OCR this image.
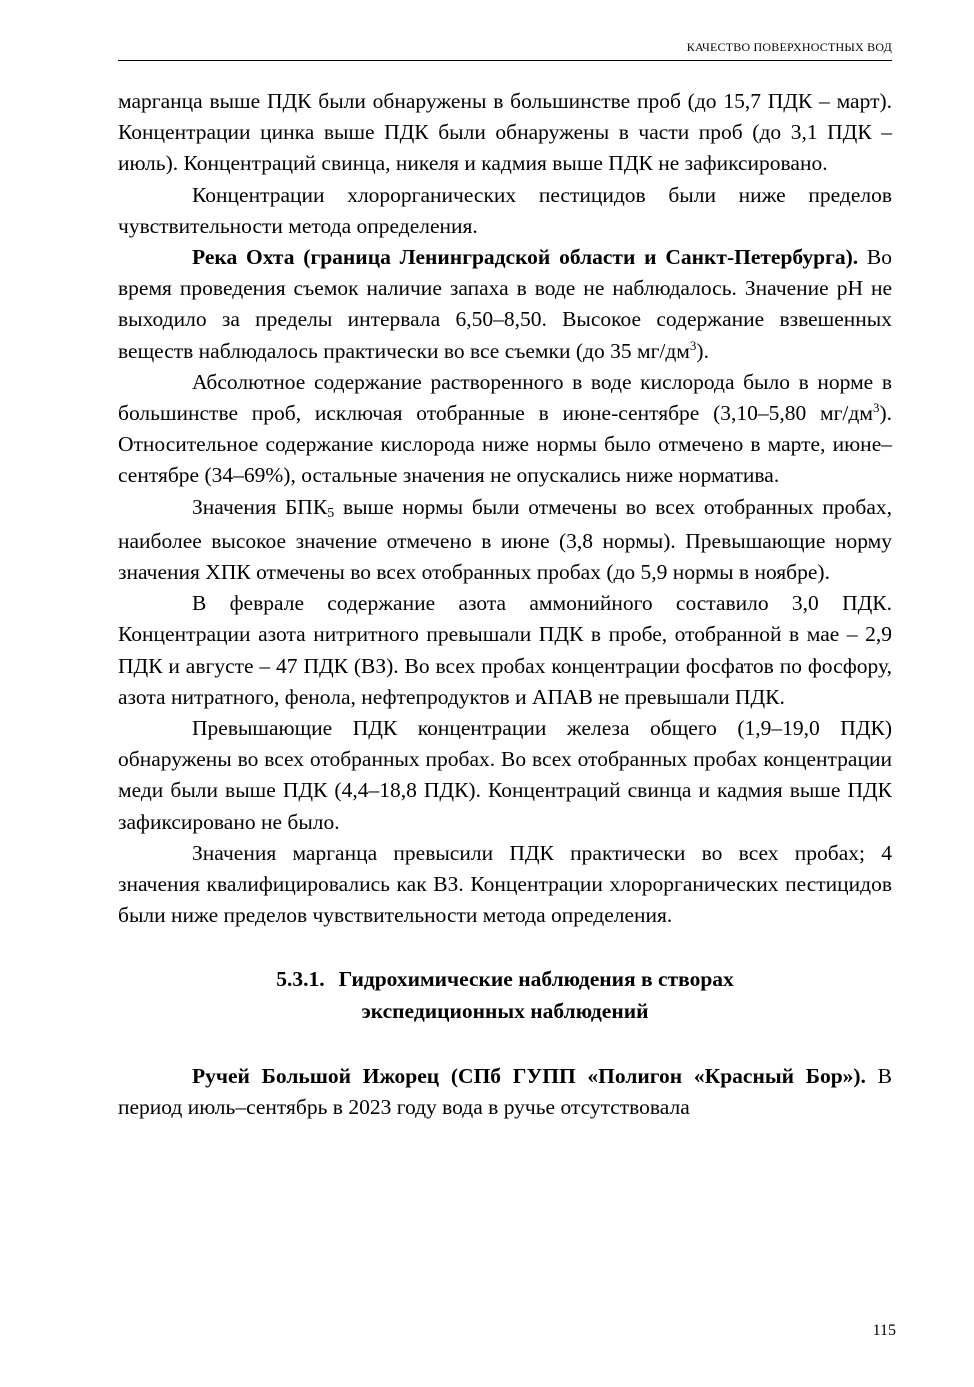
КАЧЕСТВО ПОВЕРХНОСТНЫХ ВОД

марганца выше ПДК были обнаружены в большинстве проб (до 15,7 ПДК – март). Концентрации цинка выше ПДК были обнаружены в части проб (до 3,1 ПДК – июль). Концентраций свинца, никеля и кадмия выше ПДК не зафиксировано.

Концентрации хлорорганических пестицидов были ниже пределов чувствительности метода определения.

Река Охта (граница Ленинградской области и Санкт-Петербурга). Во время проведения съемок наличие запаха в воде не наблюдалось. Значение pH не выходило за пределы интервала 6,50–8,50. Высокое содержание взвешенных веществ наблюдалось практически во все съемки (до 35 $мг/дм^3$).

Абсолютное содержание растворенного в воде кислорода было в норме в большинстве проб, исключая отобранные в июне-сентябре (3,10–5,80 $мг/дм^3$). Относительное содержание кислорода ниже нормы было отмечено в марте, июне–сентябре (34–69%), остальные значения не опускались ниже норматива.

Значения $БПК_5$ выше нормы были отмечены во всех отобранных пробах, наиболее высокое значение отмечено в июне (3,8 нормы). Превышающие норму значения ХПК отмечены во всех отобранных пробах (до 5,9 нормы в ноябре).

В феврале содержание азота аммонийного составило 3,0 ПДК. Концентрации азота нитритного превышали ПДК в пробе, отобранной в мае – 2,9 ПДК и августе – 47 ПДК (ВЗ). Во всех пробах концентрации фосфатов по фосфору, азота нитратного, фенола, нефтепродуктов и АПАВ не превышали ПДК.

Превышающие ПДК концентрации железа общего (1,9–19,0 ПДК) обнаружены во всех отобранных пробах. Во всех отобранных пробах концентрации меди были выше ПДК (4,4–18,8 ПДК). Концентраций свинца и кадмия выше ПДК зафиксировано не было.

Значения марганца превысили ПДК практически во всех пробах; 4 значения квалифицировались как ВЗ. Концентрации хлорорганических пестицидов были ниже пределов чувствительности метода определения.

5.3.1. Гидрохимические наблюдения в створах
экспедиционных наблюдений

Ручей Большой Ижорец (СПб ГУПП «Полигон «Красный Бор»). В период июль–сентябрь в 2023 году вода в ручье отсутствовала

115
